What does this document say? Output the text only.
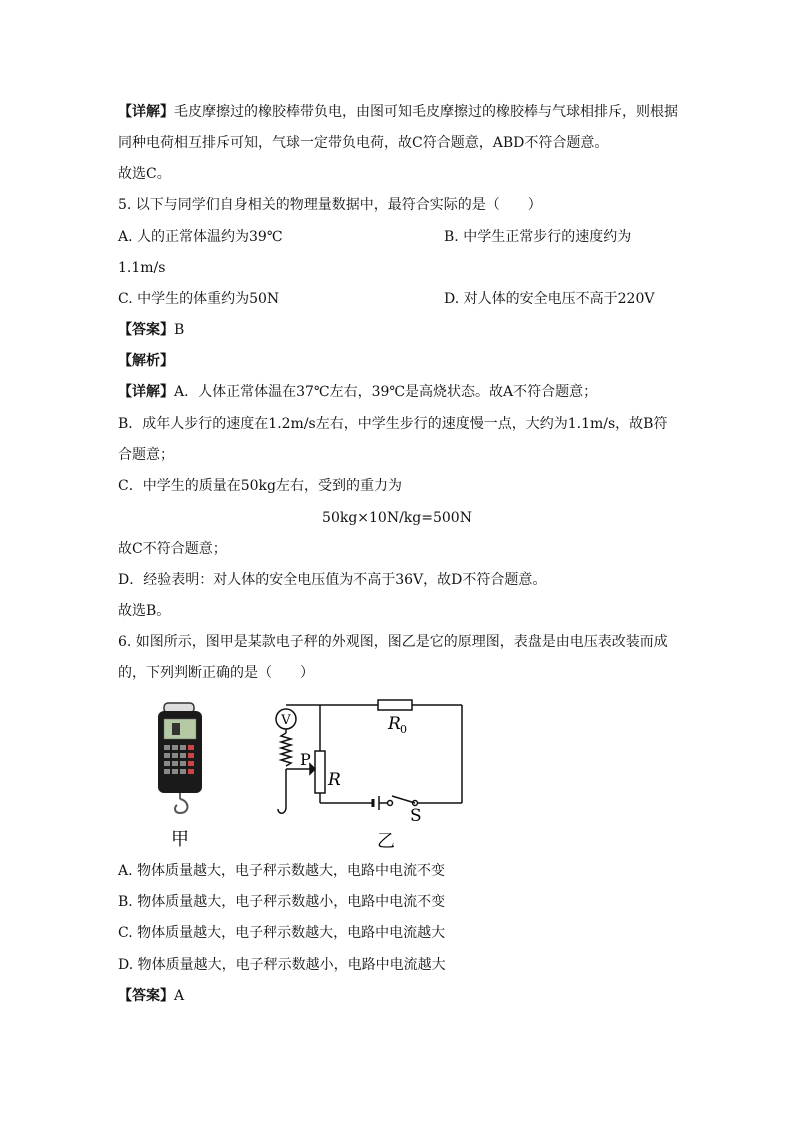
【详解】毛皮摩擦过的橡胶棒带负电，由图可知毛皮摩擦过的橡胶棒与气球相排斥，则根据
同种电荷相互排斥可知，气球一定带负电荷，故C符合题意，ABD不符合题意。
故选C。
5. 以下与同学们自身相关的物理量数据中，最符合实际的是（　　）
A. 人的正常体温约为39℃	B. 中学生正常步行的速度约为
1.1m/s
C. 中学生的体重约为50N	D. 对人体的安全电压不高于220V
【答案】B
【解析】
【详解】A．人体正常体温在37℃左右，39℃是高烧状态。故A不符合题意；
B．成年人步行的速度在1.2m/s左右，中学生步行的速度慢一点，大约为1.1m/s，故B符
合题意；
C．中学生的质量在50kg左右，受到的重力为
50kg×10N/kg=500N
故C不符合题意；
D．经验表明：对人体的安全电压值为不高于36V，故D不符合题意。
故选B。
6. 如图所示，图甲是某款电子秤的外观图，图乙是它的原理图，表盘是由电压表改装而成
的，下列判断正确的是（　　）
甲
V
P
R
R 0
S
乙
A. 物体质量越大，电子秤示数越大，电路中电流不变
B. 物体质量越大，电子秤示数越小，电路中电流不变
C. 物体质量越大，电子秤示数越大，电路中电流越大
D. 物体质量越大，电子秤示数越小，电路中电流越大
【答案】A
